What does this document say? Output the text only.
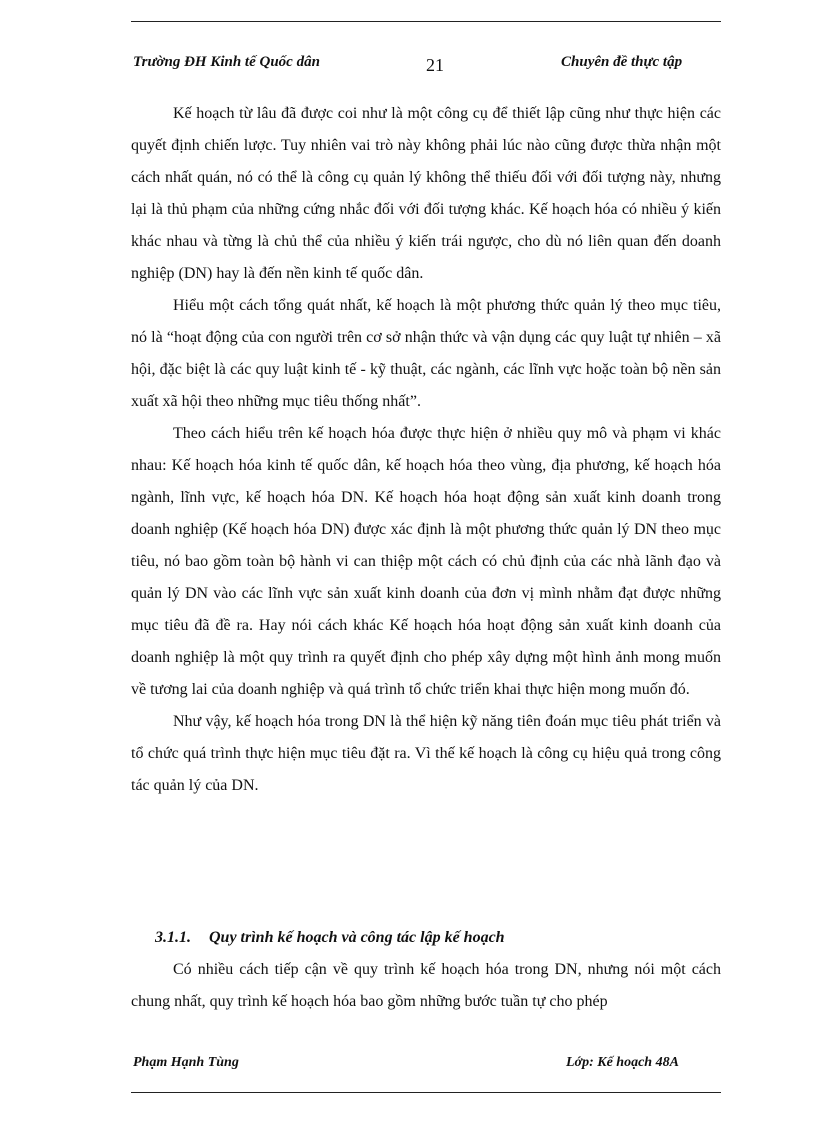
Trường ĐH Kinh tế Quốc dân	21	Chuyên đề thực tập

Kế hoạch từ lâu đã được coi như là một công cụ để thiết lập cũng như thực hiện các quyết định chiến lược. Tuy nhiên vai trò này không phải lúc nào cũng được thừa nhận một cách nhất quán, nó có thể là công cụ quản lý không thể thiếu đối với đối tượng này, nhưng lại là thủ phạm của những cứng nhắc đối với đối tượng khác. Kế hoạch hóa có nhiều ý kiến khác nhau và từng là chủ thể của nhiều ý kiến trái ngược, cho dù nó liên quan đến doanh nghiệp (DN) hay là đến nền kinh tế quốc dân.

Hiểu một cách tổng quát nhất, kế hoạch là một phương thức quản lý theo mục tiêu, nó là “hoạt động của con người trên cơ sở nhận thức và vận dụng các quy luật tự nhiên – xã hội, đặc biệt là các quy luật kinh tế - kỹ thuật, các ngành, các lĩnh vực hoặc toàn bộ nền sản xuất xã hội theo những mục tiêu thống nhất”.

Theo cách hiểu trên kế hoạch hóa được thực hiện ở nhiều quy mô và phạm vi khác nhau: Kế hoạch hóa kinh tế quốc dân, kế hoạch hóa theo vùng, địa phương, kế hoạch hóa ngành, lĩnh vực, kế hoạch hóa DN. Kế hoạch hóa hoạt động sản xuất kinh doanh trong doanh nghiệp (Kế hoạch hóa DN) được xác định là một phương thức quản lý DN theo mục tiêu, nó bao gồm toàn bộ hành vi can thiệp một cách có chủ định của các nhà lãnh đạo và quản lý DN vào các lĩnh vực sản xuất kinh doanh của đơn vị mình nhằm đạt được những mục tiêu đã đề ra. Hay nói cách khác Kế hoạch hóa hoạt động sản xuất kinh doanh của doanh nghiệp là một quy trình ra quyết định cho phép xây dựng một hình ảnh mong muốn về tương lai của doanh nghiệp và quá trình tổ chức triển khai thực hiện mong muốn đó.

Như vậy, kế hoạch hóa trong DN là thể hiện kỹ năng tiên đoán mục tiêu phát triển và tổ chức quá trình thực hiện mục tiêu đặt ra. Vì thế kế hoạch là công cụ hiệu quả trong công tác quản lý của DN.

3.1.1. Quy trình kế hoạch và công tác lập kế hoạch

Có nhiều cách tiếp cận về quy trình kế hoạch hóa trong DN, nhưng nói một cách chung nhất, quy trình kế hoạch hóa bao gồm những bước tuần tự cho phép

Phạm Hạnh Tùng	Lớp: Kế hoạch 48A
